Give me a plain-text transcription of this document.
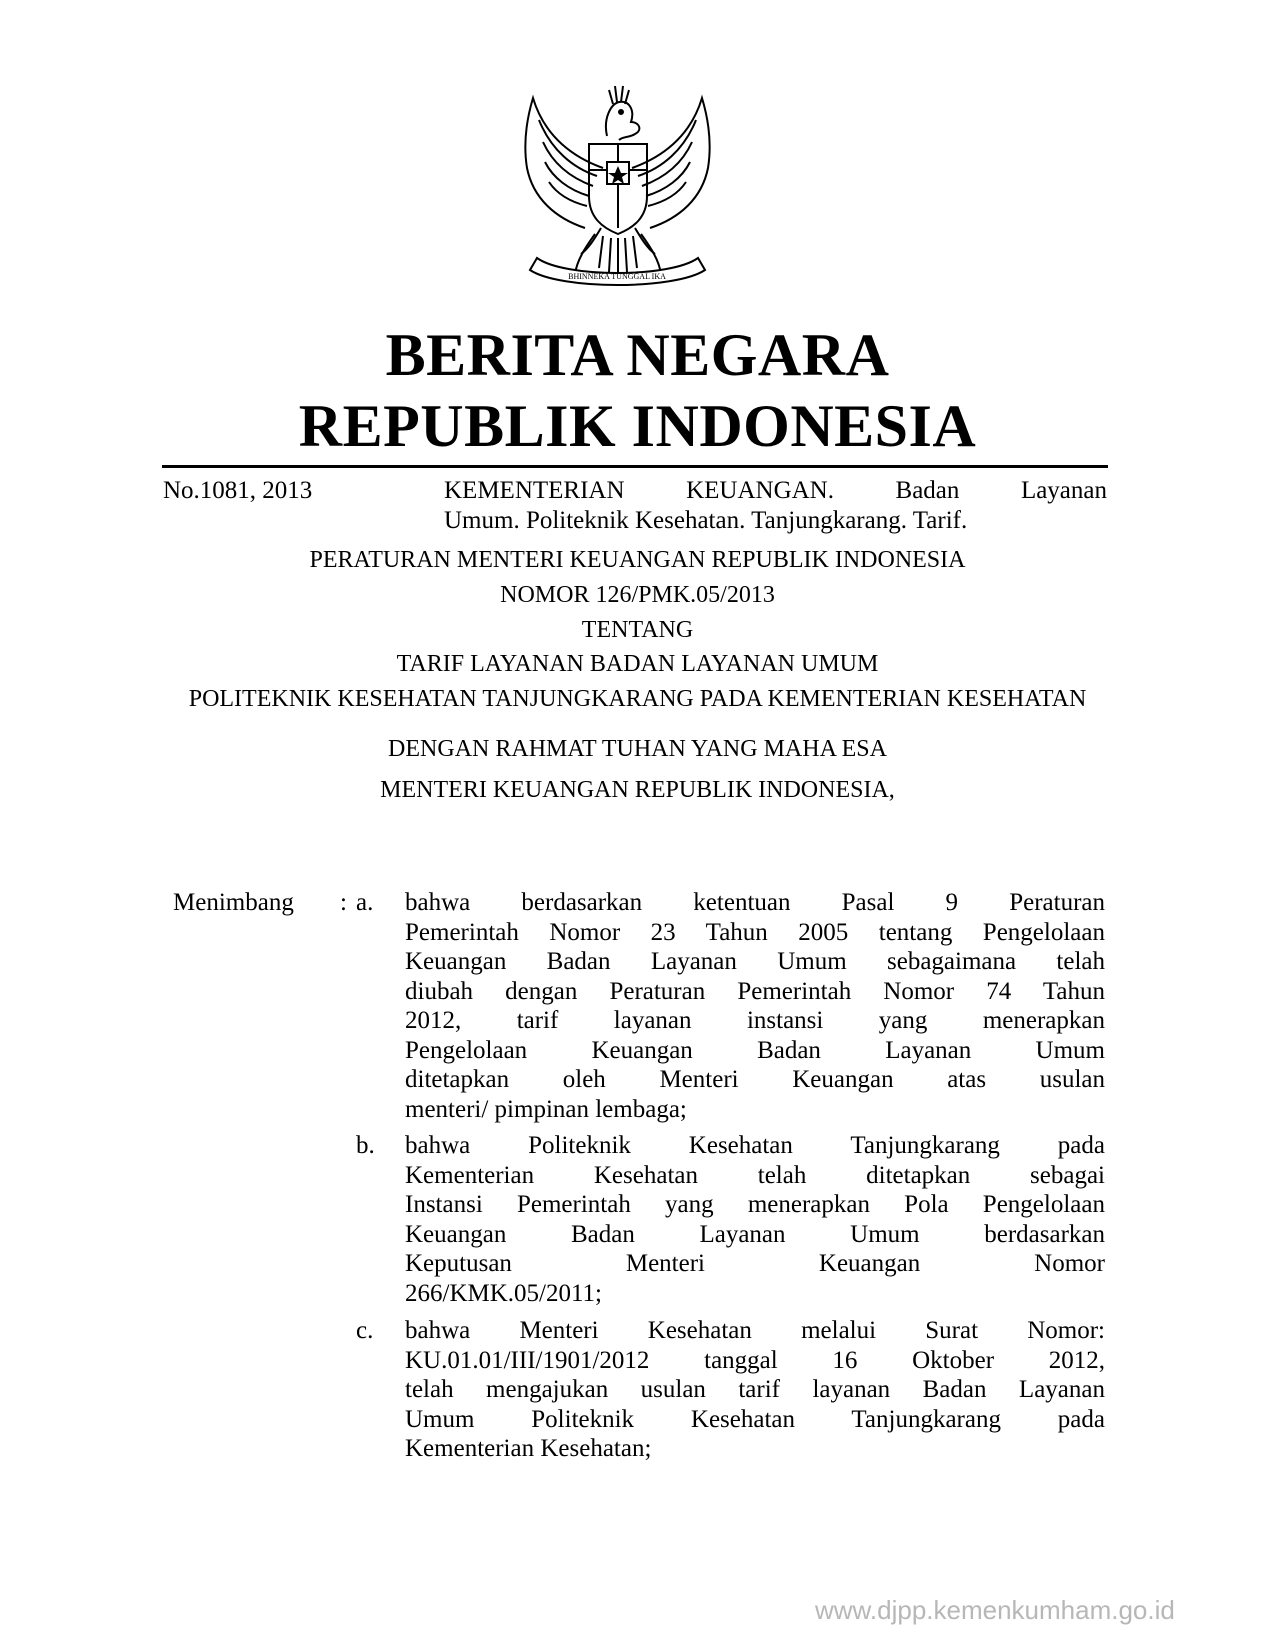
BHINNEKA TUNGGAL IKA
BERITA NEGARA
REPUBLIK INDONESIA
No.1081, 2013	KEMENTERIAN KEUANGAN. Badan Layanan
Umum. Politeknik Kesehatan. Tanjungkarang. Tarif.
PERATURAN MENTERI KEUANGAN REPUBLIK INDONESIA
NOMOR 126/PMK.05/2013
TENTANG
TARIF LAYANAN BADAN LAYANAN UMUM
POLITEKNIK KESEHATAN TANJUNGKARANG PADA KEMENTERIAN KESEHATAN
DENGAN RAHMAT TUHAN YANG MAHA ESA
MENTERI KEUANGAN REPUBLIK INDONESIA,
Menimbang : a. bahwa berdasarkan ketentuan Pasal 9 Peraturan
Pemerintah Nomor 23 Tahun 2005 tentang Pengelolaan
Keuangan Badan Layanan Umum sebagaimana telah
diubah dengan Peraturan Pemerintah Nomor 74 Tahun
2012, tarif layanan instansi yang menerapkan
Pengelolaan Keuangan Badan Layanan Umum
ditetapkan oleh Menteri Keuangan atas usulan
menteri/ pimpinan lembaga;
b. bahwa Politeknik Kesehatan Tanjungkarang pada
Kementerian Kesehatan telah ditetapkan sebagai
Instansi Pemerintah yang menerapkan Pola Pengelolaan
Keuangan Badan Layanan Umum berdasarkan
Keputusan Menteri Keuangan Nomor
266/KMK.05/2011;
c. bahwa Menteri Kesehatan melalui Surat Nomor:
KU.01.01/III/1901/2012 tanggal 16 Oktober 2012,
telah mengajukan usulan tarif layanan Badan Layanan
Umum Politeknik Kesehatan Tanjungkarang pada
Kementerian Kesehatan;
www.djpp.kemenkumham.go.id
